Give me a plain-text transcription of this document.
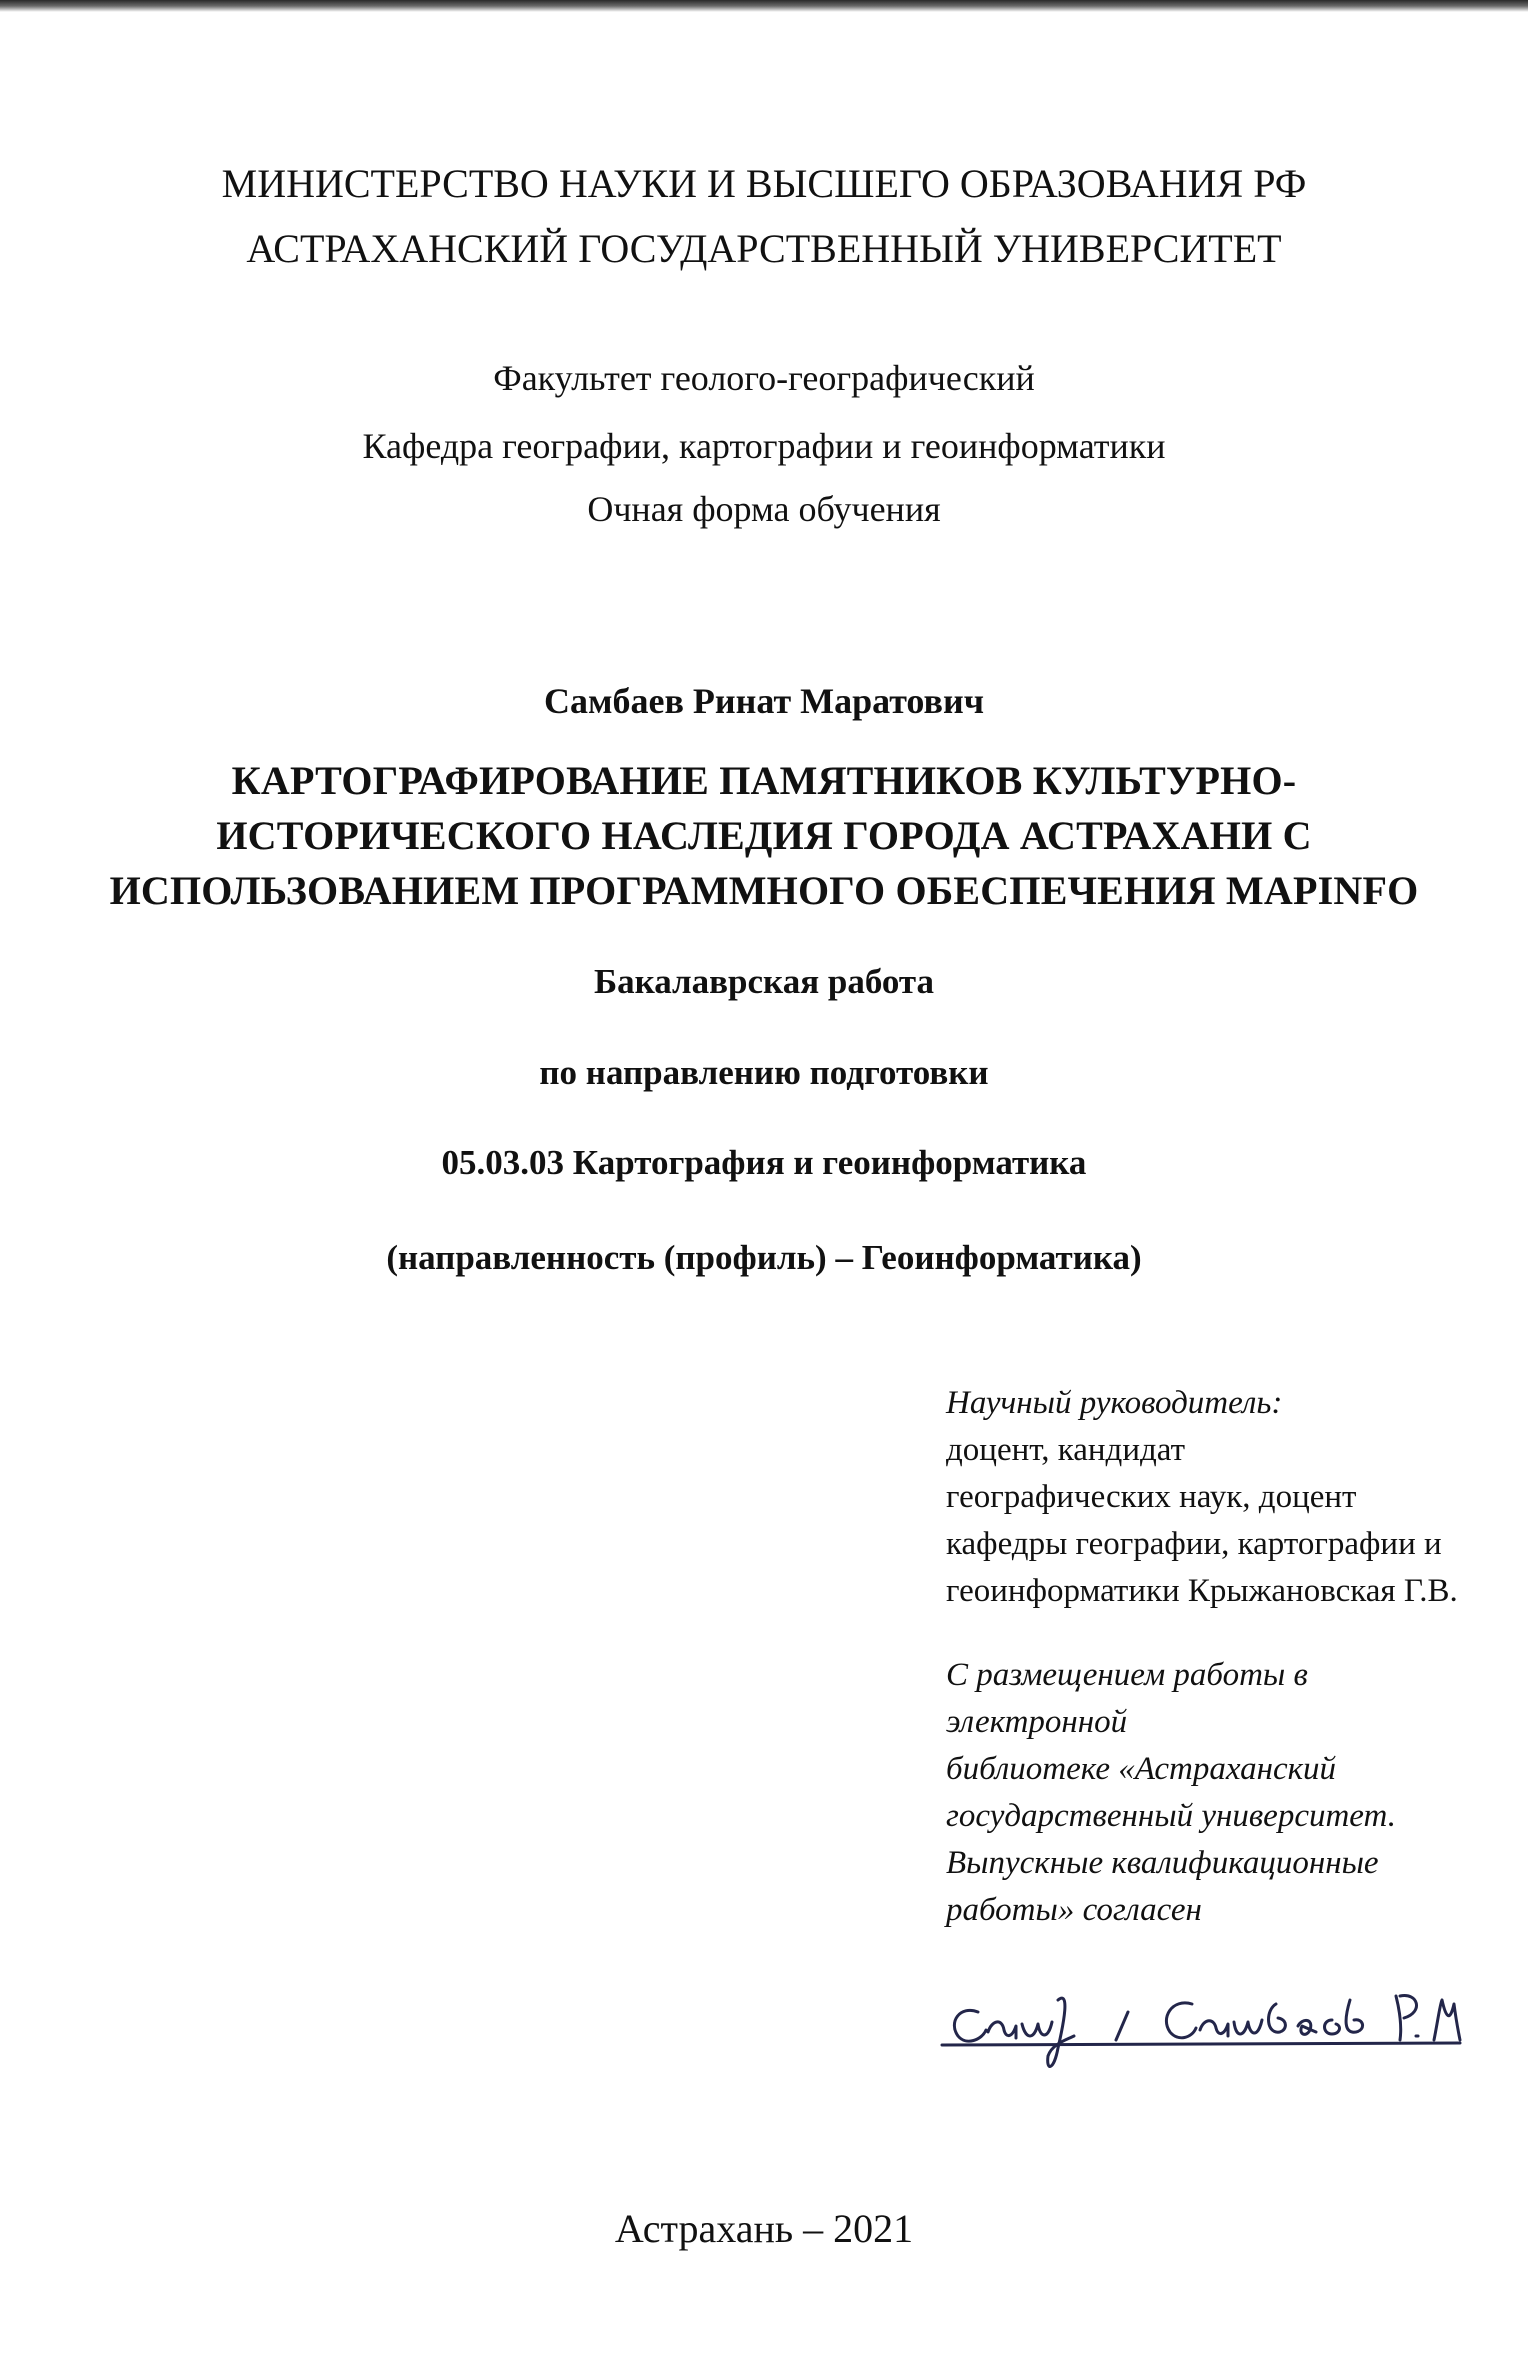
МИНИСТЕРСТВО НАУКИ И ВЫСШЕГО ОБРАЗОВАНИЯ РФ
АСТРАХАНСКИЙ ГОСУДАРСТВЕННЫЙ УНИВЕРСИТЕТ
Факультет геолого-географический
Кафедра географии, картографии и геоинформатики
Очная форма обучения
Самбаев Ринат Маратович
КАРТОГРАФИРОВАНИЕ ПАМЯТНИКОВ КУЛЬТУРНО-
ИСТОРИЧЕСКОГО НАСЛЕДИЯ ГОРОДА АСТРАХАНИ С
ИСПОЛЬЗОВАНИЕМ ПРОГРАММНОГО ОБЕСПЕЧЕНИЯ MAPINFO
Бакалаврская работа
по направлению подготовки
05.03.03 Картография и геоинформатика
(направленность (профиль) – Геоинформатика)
Научный руководитель:
доцент, кандидат
географических наук, доцент
кафедры географии, картографии и
геоинформатики Крыжановская Г.В.
С размещением работы в
электронной
библиотеке «Астраханский
государственный университет.
Выпускные квалификационные
работы» согласен
Астрахань – 2021
